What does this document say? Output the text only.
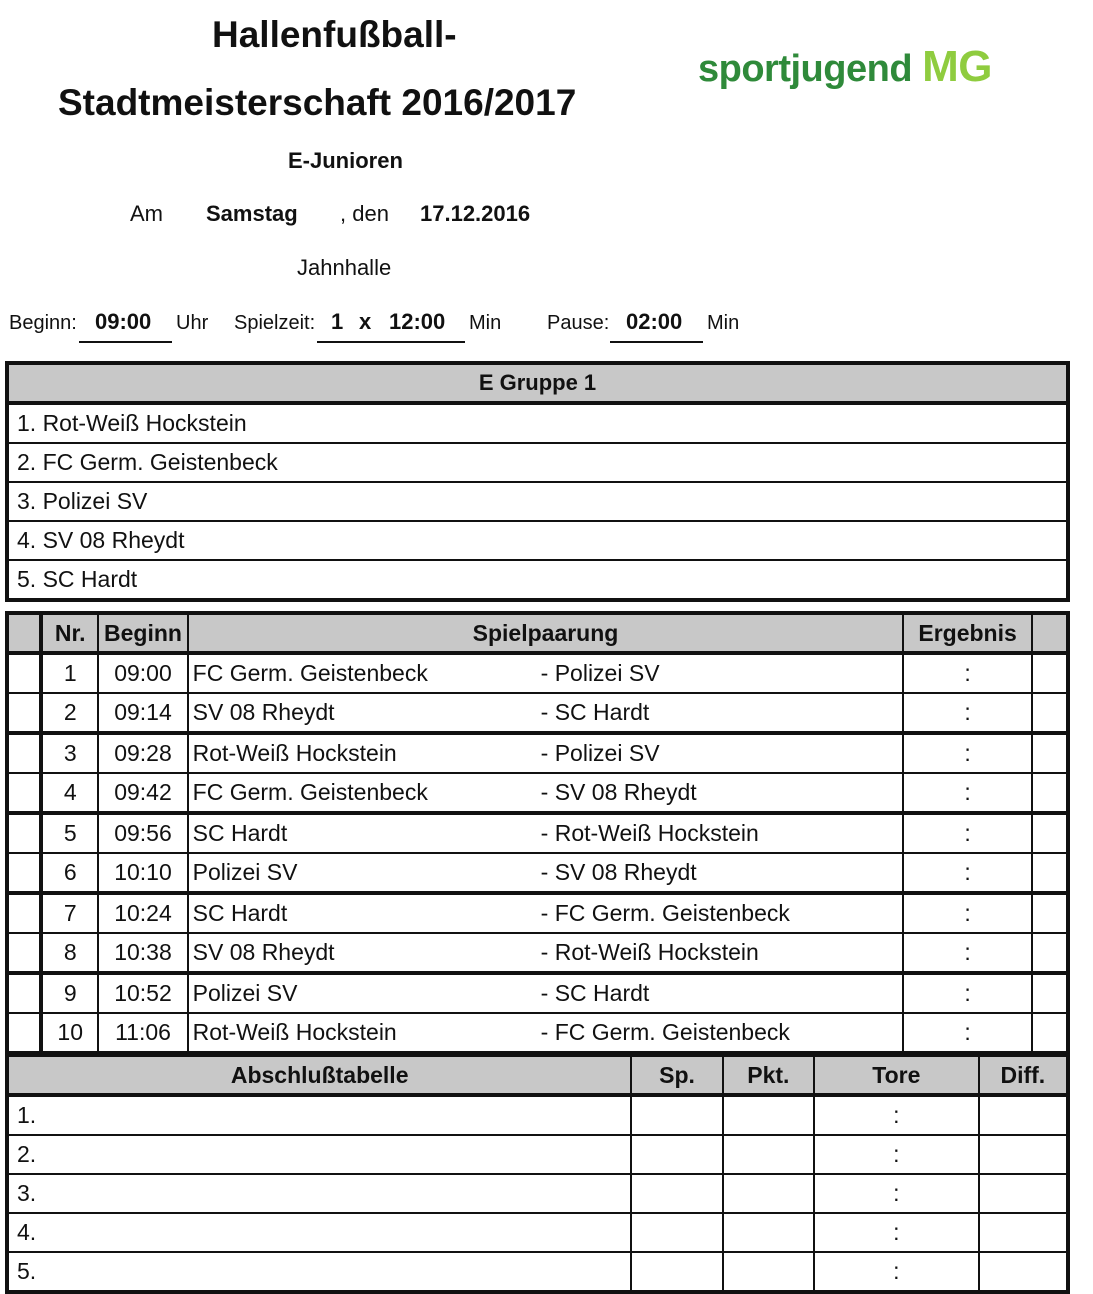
Hallenfußball-
Stadtmeisterschaft 2016/2017
E-Junioren
sportjugend MG
Am Samstag , den 17.12.2016
Jahnhalle
Beginn: 09:00 Uhr Spielzeit: 1 x 12:00 Min Pause: 02:00 Min
E Gruppe 1
1. Rot-Weiß Hockstein
2. FC Germ. Geistenbeck
3. Polizei SV
4. SV 08 Rheydt
5. SC Hardt
	Nr.	Beginn	Spielpaarung	Ergebnis	
	1	09:00	FC Germ. Geistenbeck - Polizei SV	:	
	2	09:14	SV 08 Rheydt - SC Hardt	:	
	3	09:28	Rot-Weiß Hockstein - Polizei SV	:	
	4	09:42	FC Germ. Geistenbeck - SV 08 Rheydt	:	
	5	09:56	SC Hardt - Rot-Weiß Hockstein	:	
	6	10:10	Polizei SV - SV 08 Rheydt	:	
	7	10:24	SC Hardt - FC Germ. Geistenbeck	:	
	8	10:38	SV 08 Rheydt - Rot-Weiß Hockstein	:	
	9	10:52	Polizei SV - SC Hardt	:	
	10	11:06	Rot-Weiß Hockstein - FC Germ. Geistenbeck	:	
Abschlußtabelle	Sp.	Pkt.	Tore	Diff.
1.			:	
2.			:	
3.			:	
4.			:	
5.			:	
